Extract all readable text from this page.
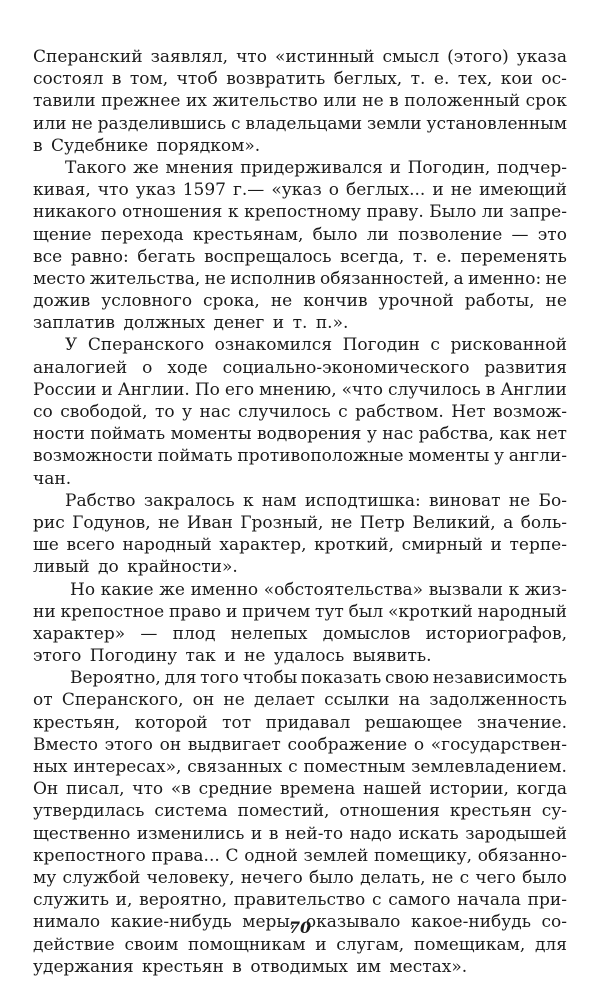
Сперанский заявлял, что «истинный смысл (этого) указа
состоял в том, чтоб возвратить беглых, т. е. тех, кои ос-
тавили прежнее их жительство или не в положенный срок
или не разделившись с владельцами земли установленным
в Судебнике порядком».
Такого же мнения придерживался и Погодин, подчер-
кивая, что указ 1597 г.— «указ о беглых... и не имеющий
никакого отношения к крепостному праву. Было ли запре-
щение перехода крестьянам, было ли позволение — это
все равно: бегать воспрещалось всегда, т. е. переменять
место жительства, не исполнив обязанностей, а именно: не
дожив условного срока, не кончив урочной работы, не
заплатив должных денег и т. п.».
У Сперанского ознакомился Погодин с рискованной
аналогией о ходе социально-экономического развития
России и Англии. По его мнению, «что случилось в Англии
со свободой, то у нас случилось с рабством. Нет возмож-
ности поймать моменты водворения у нас рабства, как нет
возможности поймать противоположные моменты у англи-
чан.
Рабство закралось к нам исподтишка: виноват не Бо-
рис Годунов, не Иван Грозный, не Петр Великий, а боль-
ше всего народный характер, кроткий, смирный и терпе-
ливый до крайности».
Но какие же именно «обстоятельства» вызвали к жиз-
ни крепостное право и причем тут был «кроткий народный
характер» — плод нелепых домыслов историографов,
этого Погодину так и не удалось выявить.
Вероятно, для того чтобы показать свою независимость
от Сперанского, он не делает ссылки на задолженность
крестьян, которой тот придавал решающее значение.
Вместо этого он выдвигает соображение о «государствен-
ных интересах», связанных с поместным землевладением.
Он писал, что «в средние времена нашей истории, когда
утвердилась система поместий, отношения крестьян су-
щественно изменились и в ней-то надо искать зародышей
крепостного права... С одной землей помещику, обязанно-
му службой человеку, нечего было делать, не с чего было
служить и, вероятно, правительство с самого начала при-
нимало какие-нибудь меры, оказывало какое-нибудь со-
действие своим помощникам и слугам, помещикам, для
удержания крестьян в отводимых им местах».
70
